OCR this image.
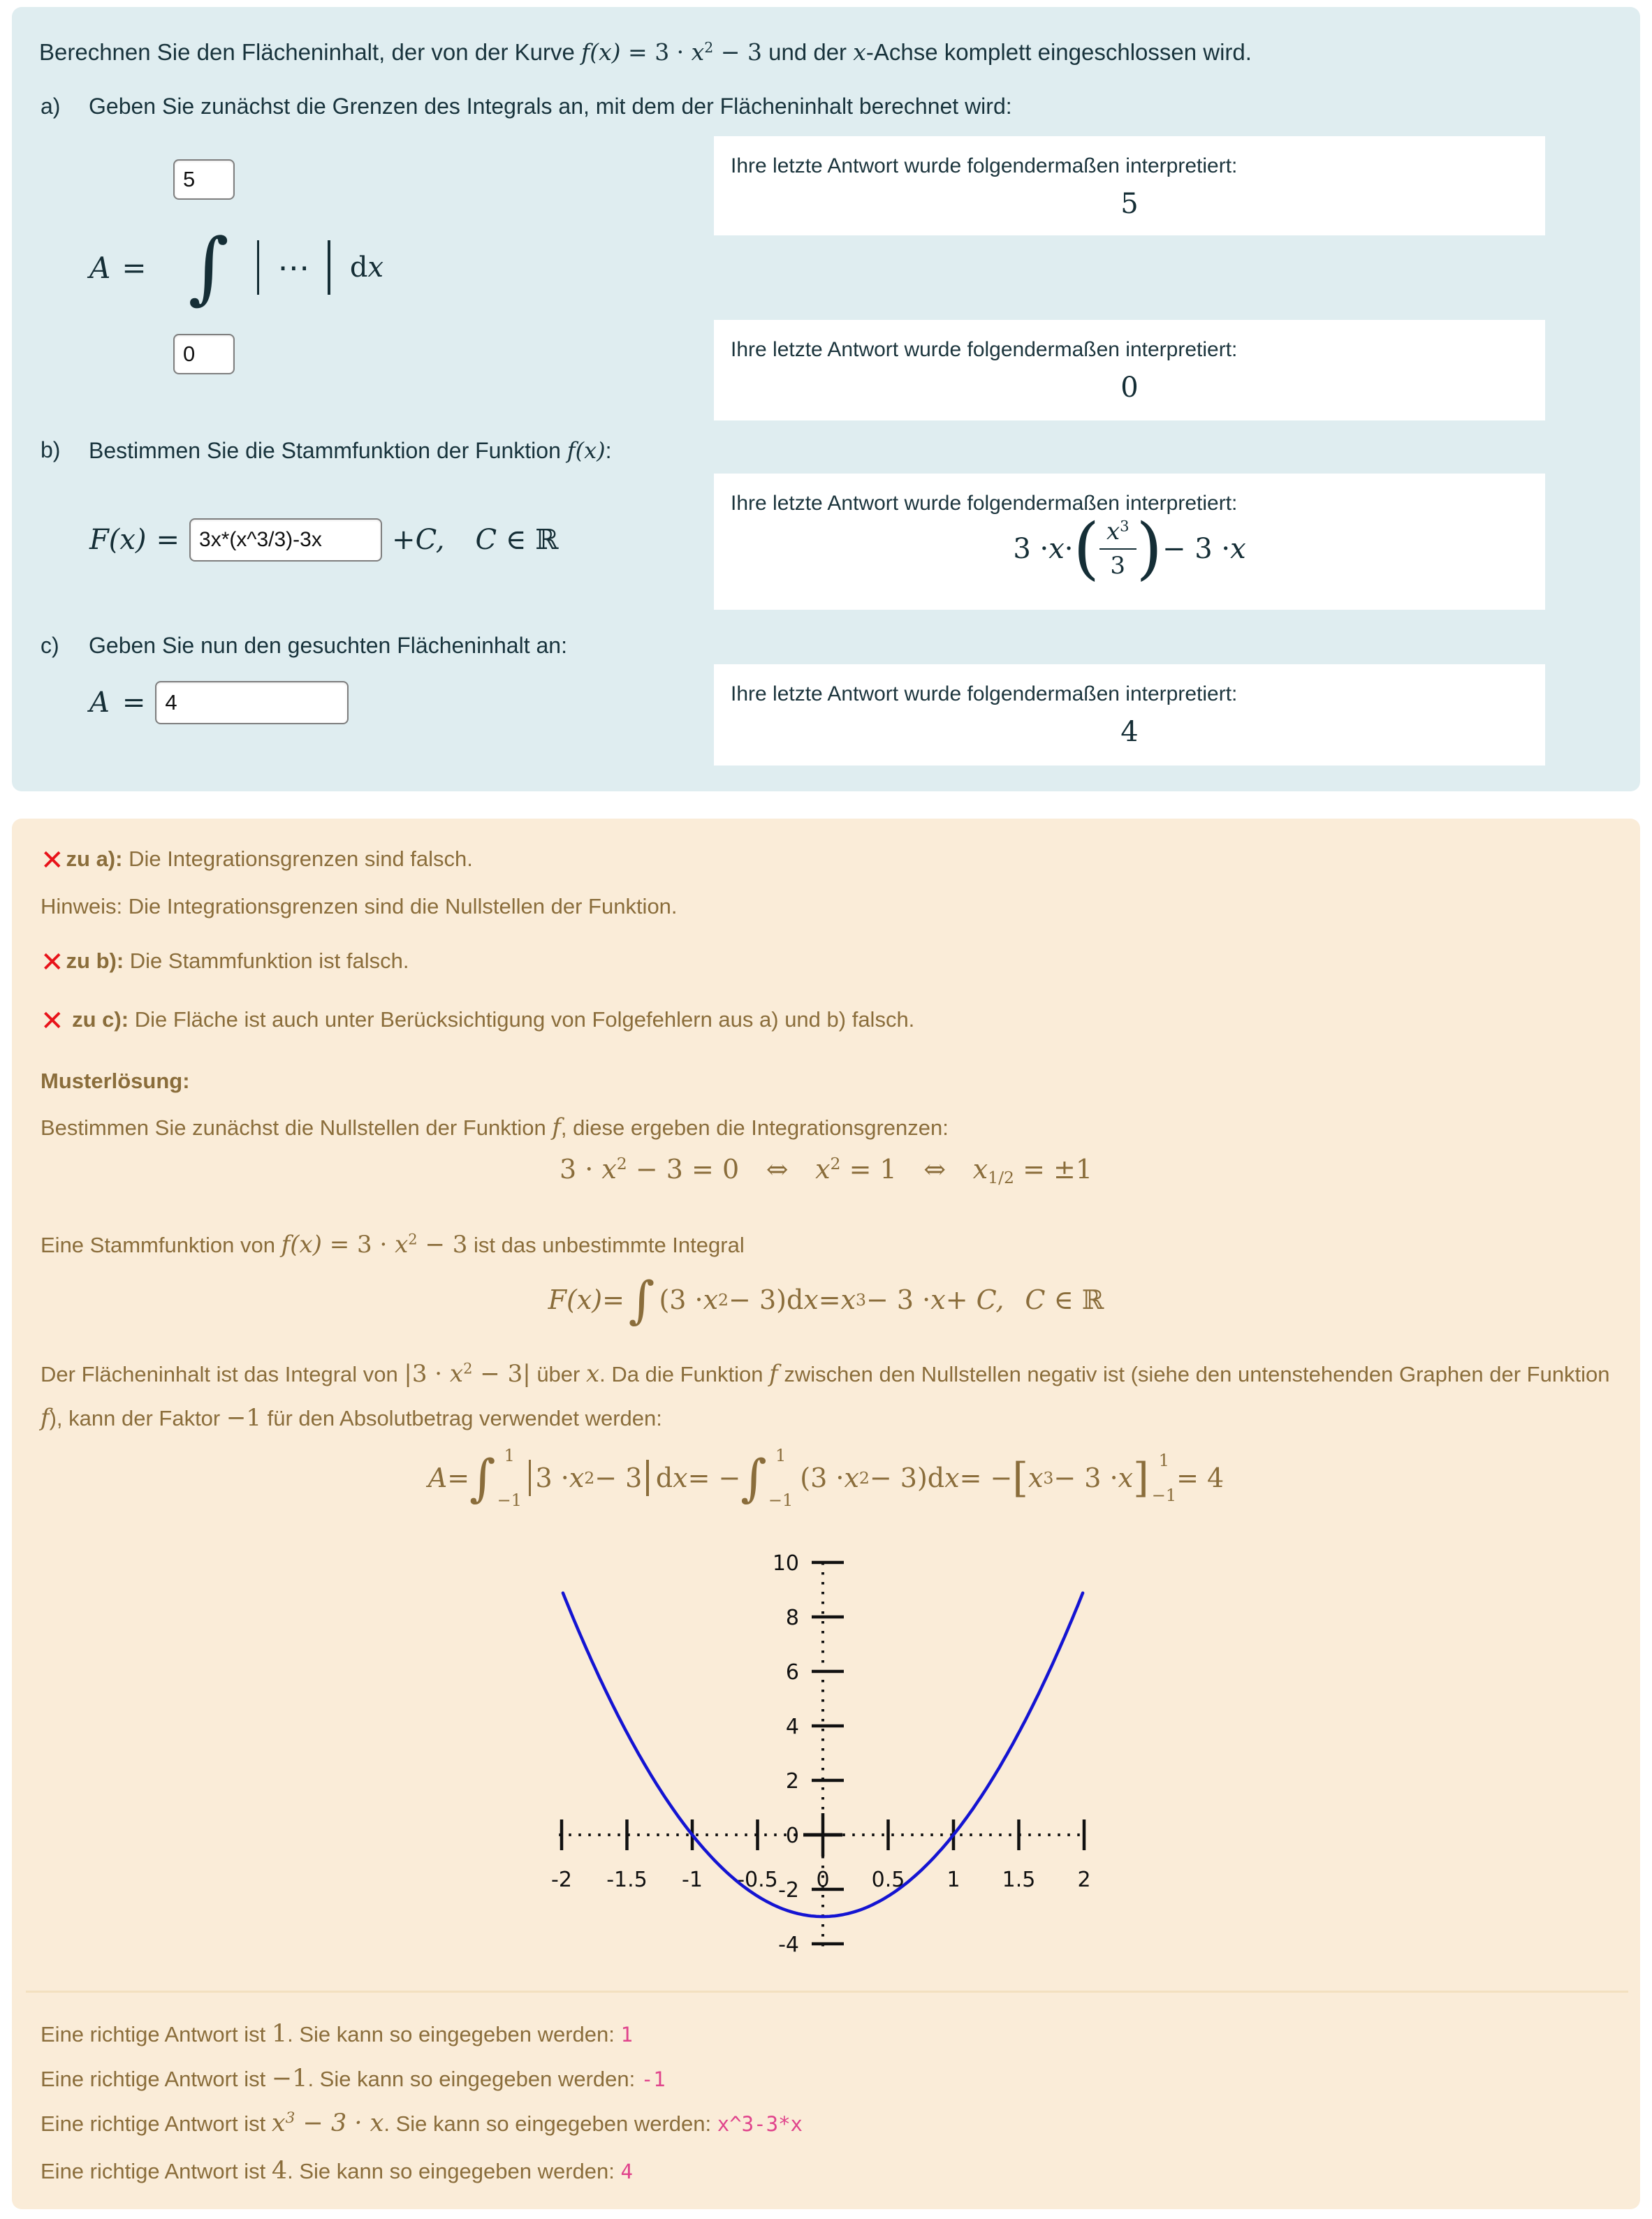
Berechnen Sie den Flächeninhalt, der von der Kurve $f(x) = 3 \cdot x^2 - 3$ und der x-Achse komplett eingeschlossen wird.

a) Geben Sie zunächst die Grenzen des Integrals an, mit dem der Flächeninhalt berechnet wird:
5
A = ∫ ⋯ d x
0
Ihre letzte Antwort wurde folgendermaßen interpretiert:
5
Ihre letzte Antwort wurde folgendermaßen interpretiert:
0
b) Bestimmen Sie die Stammfunktion der Funktion f(x):
F(x) =
3x*(x^3/3)-3x	+C, C ∈ ℝ
Ihre letzte Antwort wurde folgendermaßen interpretiert:
3 · x · ( $\frac{x^3}{3}$ ) − 3 · x
c) Geben Sie nun den gesuchten Flächeninhalt an:
A =
4	Ihre letzte Antwort wurde folgendermaßen interpretiert:
4
✕zu a): Die Integrationsgrenzen sind falsch.
Hinweis: Die Integrationsgrenzen sind die Nullstellen der Funktion.
✕zu b): Die Stammfunktion ist falsch.
✕ zu c): Die Fläche ist auch unter Berücksichtigung von Folgefehlern aus a) und b) falsch.
Musterlösung:
Bestimmen Sie zunächst die Nullstellen der Funktion f, diese ergeben die Integrationsgrenzen:
$3 \cdot x^2 - 3 = 0$ ⇔ $x^2 = 1$ ⇔ $x_{1/2} = \pm 1$
Eine Stammfunktion von $f(x) = 3 \cdot x^2 - 3$ ist das unbestimmte Integral
F(x) = ∫ (3 · x 2 − 3) d x = x 3 − 3 · x + C, C ∈ ℝ
Der Flächeninhalt ist das Integral von $|3 \cdot x^2 - 3|$ über x. Da die Funktion f zwischen den Nullstellen negativ ist (siehe den untenstehenden Graphen der Funktion f), kann der Faktor −1 für den Absolutbetrag verwendet werden:
A = ∫ 1
−1
3 · x 2 − 3 d x = − ∫ 1
−1
(3 · x 2 − 3) d x = − [ x 3 − 3 · x ] 1
−1
= 4
-2 -1.5 -1 -0.5 0 0.5 1 1.5 2
-4
-2
0
2
4
6
8
10
Eine richtige Antwort ist 1. Sie kann so eingegeben werden: 1
Eine richtige Antwort ist −1. Sie kann so eingegeben werden: -1
Eine richtige Antwort ist $x^3 - 3 \cdot x$. Sie kann so eingegeben werden: x^3-3*x
Eine richtige Antwort ist 4. Sie kann so eingegeben werden: 4
